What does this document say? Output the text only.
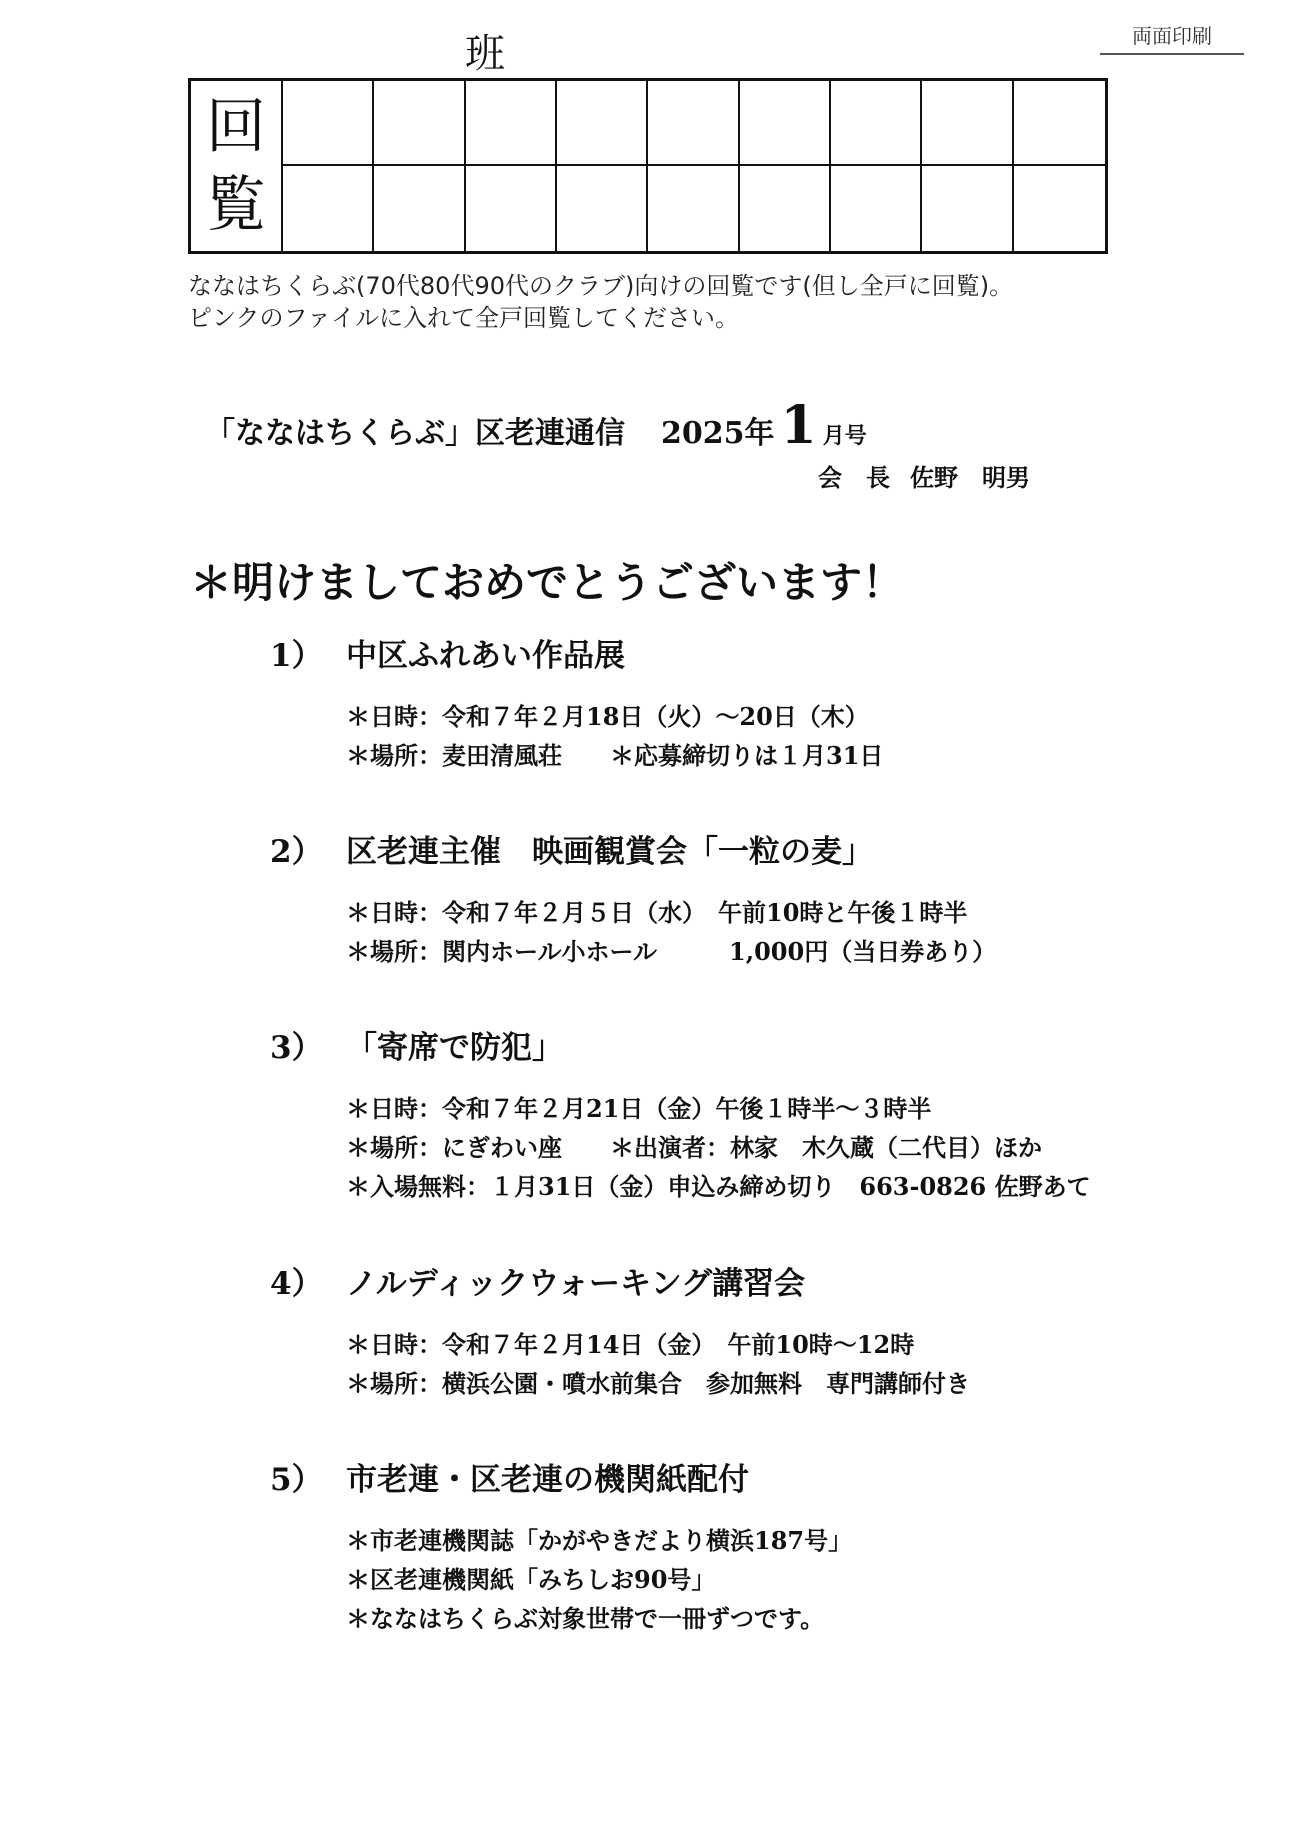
両面印刷
班
回
覧
ななはちくらぶ(70代80代90代のクラブ)向けの回覧です(但し全戸に回覧)。
ピンクのファイルに入れて全戸回覧してください。
「ななはちくらぶ」区老連通信 2025年 1 月号
会　長 佐野　明男
＊明けましておめでとうございます！
1） 中区ふれあい作品展
＊日時：令和７年２月18日（火）〜20日（木）
＊場所：麦田清風荘　　＊応募締切りは１月31日
2） 区老連主催　映画観賞会「一粒の麦」
＊日時：令和７年２月５日（水）　午前10時と午後１時半
＊場所：関内ホール小ホール　　　1,000円（当日券あり）
3） 「寄席で防犯」
＊日時：令和７年２月21日（金）午後１時半〜３時半
＊場所：にぎわい座　　＊出演者：林家　木久蔵（二代目）ほか
＊入場無料：１月31日（金）申込み締め切り　663-0826 佐野あて
4） ノルディックウォーキング講習会
＊日時：令和７年２月14日（金）　午前10時〜12時
＊場所：横浜公園・噴水前集合　参加無料　専門講師付き
5） 市老連・区老連の機関紙配付
＊市老連機関誌「かがやきだより横浜187号」
＊区老連機関紙「みちしお90号」
＊ななはちくらぶ対象世帯で一冊ずつです。
